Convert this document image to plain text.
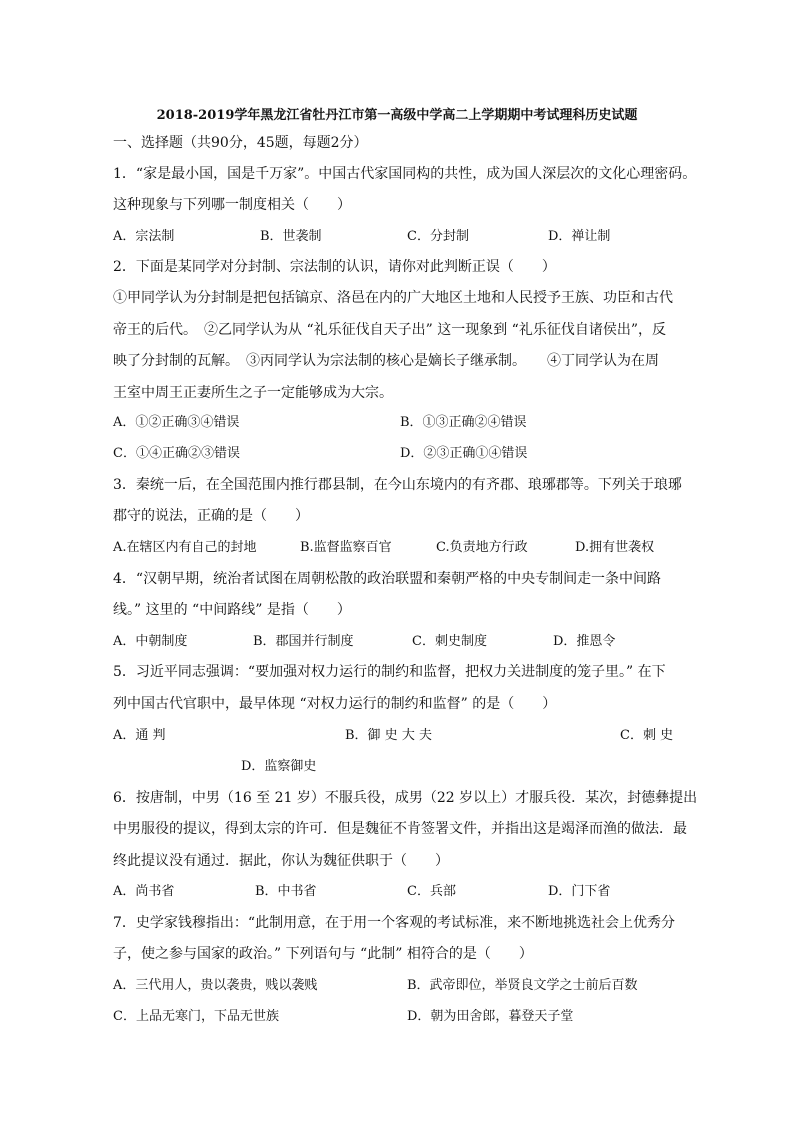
2018-2019学年黑龙江省牡丹江市第一高级中学高二上学期期中考试理科历史试题
一、选择题（共90分，45题，每题2分）
1．“家是最小国，国是千万家”。中国古代家国同构的共性，成为国人深层次的文化心理密码。
这种现象与下列哪一制度相关（　　）
A．宗法制	B．世袭制	C．分封制	D．禅让制
2．下面是某同学对分封制、宗法制的认识，请你对此判断正误（　　）
①甲同学认为分封制是把包括镐京、洛邑在内的广大地区土地和人民授予王族、功臣和古代
帝王的后代。　②乙同学认为从 “礼乐征伐自天子出” 这一现象到 “礼乐征伐自诸侯出”，反
映了分封制的瓦解。　③丙同学认为宗法制的核心是嫡长子继承制。　　④丁同学认为在周
王室中周王正妻所生之子一定能够成为大宗。
A．①②正确③④错误	B．①③正确②④错误
C．①④正确②③错误	D．②③正确①④错误
3．秦统一后，在全国范围内推行郡县制，在今山东境内的有齐郡、琅琊郡等。下列关于琅琊
郡守的说法，正确的是（　　）
A.在辖区内有自己的封地	B.监督监察百官	C.负责地方行政	D.拥有世袭权
4．“汉朝早期，统治者试图在周朝松散的政治联盟和秦朝严格的中央专制间走一条中间路
线。” 这里的 “中间路线” 是指（　　）
A．中朝制度	B．郡国并行制度	C．刺史制度	D．推恩令
5．习近平同志强调：“要加强对权力运行的制约和监督，把权力关进制度的笼子里。” 在下
列中国古代官职中，最早体现 “对权力运行的制约和监督” 的是（　　）
A．通 判	B．御 史 大 夫	C．刺 史
D．监察御史
6．按唐制，中男（16 至 21 岁）不服兵役，成男（22 岁以上）才服兵役．某次，封德彝提出
中男服役的提议，得到太宗的许可．但是魏征不肯签署文件，并指出这是竭泽而渔的做法．最
终此提议没有通过．据此，你认为魏征供职于（　　）
A．尚书省	B．中书省	C．兵部	D．门下省
7．史学家钱穆指出：“此制用意，在于用一个客观的考试标准，来不断地挑选社会上优秀分
子，使之参与国家的政治。” 下列语句与 “此制” 相符合的是（　　）
A．三代用人，贵以袭贵，贱以袭贱	B．武帝即位，举贤良文学之士前后百数
C．上品无寒门，下品无世族	D．朝为田舍郎，暮登天子堂
